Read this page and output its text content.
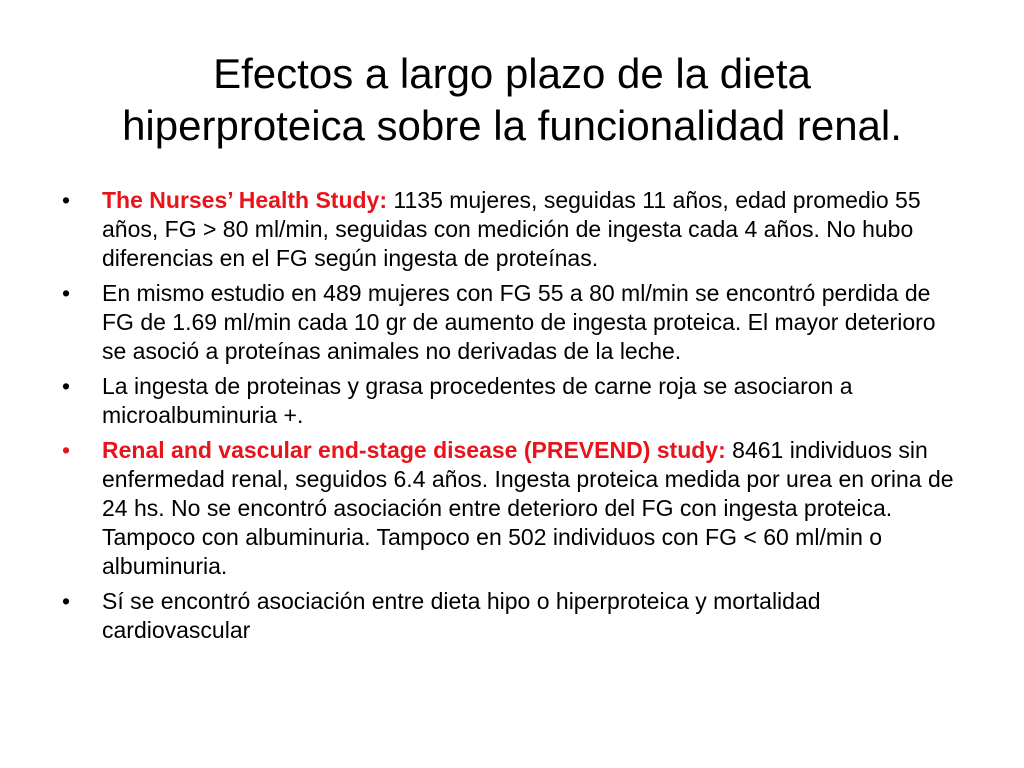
Efectos a largo plazo de la dieta
hiperproteica sobre la funcionalidad renal.
•	The Nurses’ Health Study: 1135 mujeres, seguidas 11 años, edad promedio 55 años, FG > 80 ml/min, seguidas con medición de ingesta cada 4 años. No hubo diferencias en el FG según ingesta de proteínas.
•	En mismo estudio en 489 mujeres con FG 55 a 80 ml/min se encontró perdida de FG de 1.69 ml/min cada 10 gr de aumento de ingesta proteica. El mayor deterioro se asoció a proteínas animales no derivadas de la leche.
•	La ingesta de proteinas y grasa procedentes de carne roja se asociaron a microalbuminuria +.
•	Renal and vascular end-stage disease (PREVEND) study: 8461 individuos sin enfermedad renal, seguidos 6.4 años. Ingesta proteica medida por urea en orina de 24 hs. No se encontró asociación entre deterioro del FG con ingesta proteica. Tampoco con albuminuria. Tampoco en 502 individuos con FG < 60 ml/min o albuminuria.
•	Sí se encontró asociación entre dieta hipo o hiperproteica y mortalidad cardiovascular
